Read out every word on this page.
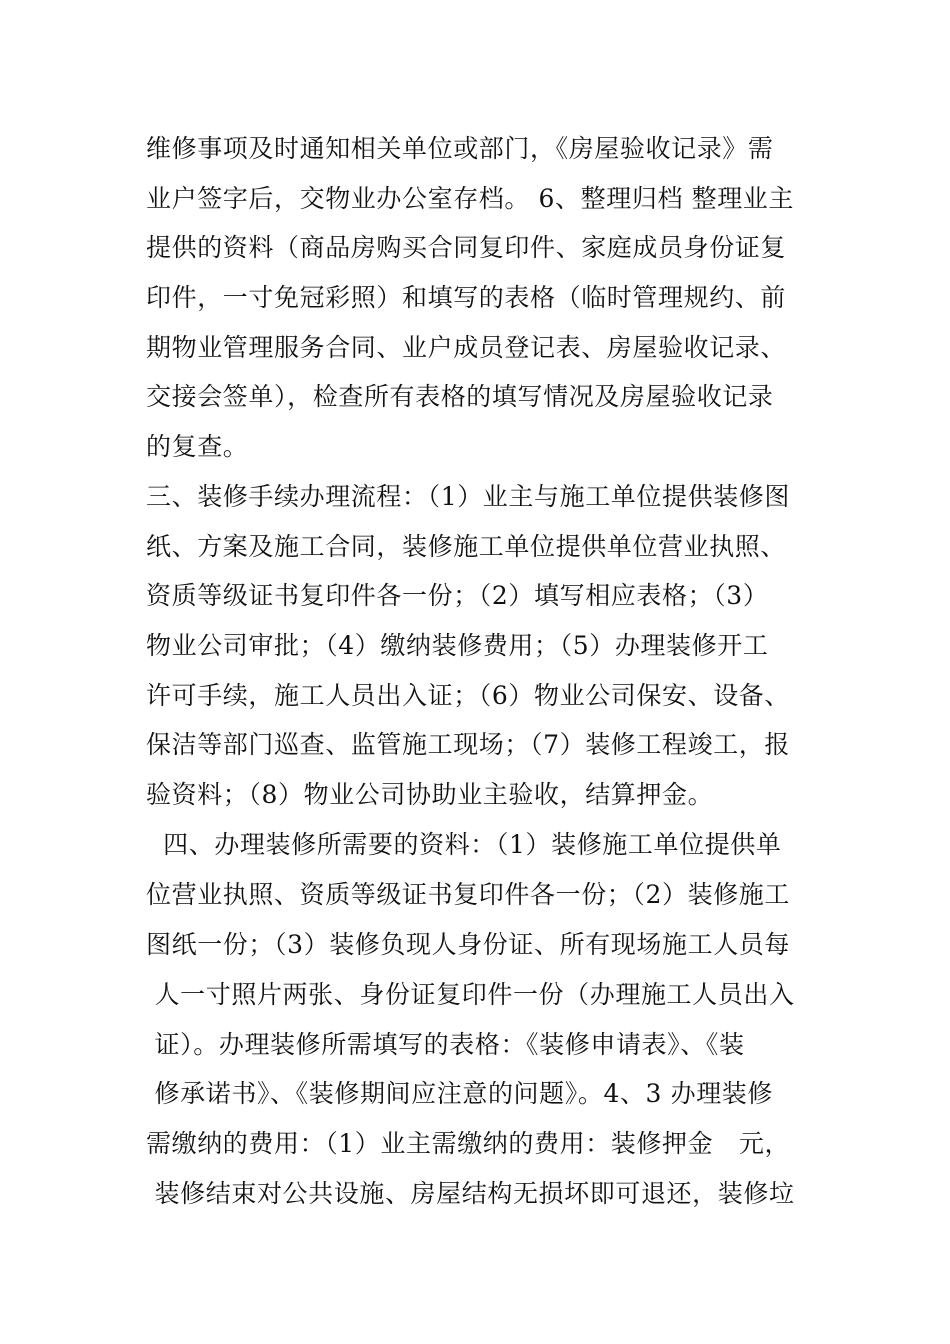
维修事项及时通知相关单位或部门，《房屋验收记录》需
业户签字后，交物业办公室存档。 6、整理归档 整理业主
提供的资料（商品房购买合同复印件、家庭成员身份证复
印件，一寸免冠彩照）和填写的表格（临时管理规约、前
期物业管理服务合同、业户成员登记表、房屋验收记录、
交接会签单），检查所有表格的填写情况及房屋验收记录
的复查。
三、装修手续办理流程：（1）业主与施工单位提供装修图
纸、方案及施工合同，装修施工单位提供单位营业执照、
资质等级证书复印件各一份；（2）填写相应表格；（3）
物业公司审批；（4）缴纳装修费用；（5）办理装修开工
许可手续，施工人员出入证；（6）物业公司保安、设备、
保洁等部门巡查、监管施工现场；（7）装修工程竣工，报
验资料；（8）物业公司协助业主验收，结算押金。
四、办理装修所需要的资料：（1）装修施工单位提供单
位营业执照、资质等级证书复印件各一份；（2）装修施工
图纸一份；（3）装修负现人身份证、所有现场施工人员每
人一寸照片两张、身份证复印件一份（办理施工人员出入
证）。办理装修所需填写的表格：《装修申请表》、《装
修承诺书》、《装修期间应注意的问题》。4、3 办理装修
需缴纳的费用：（1）业主需缴纳的费用：装修押金   元，
装修结束对公共设施、房屋结构无损坏即可退还，装修垃
